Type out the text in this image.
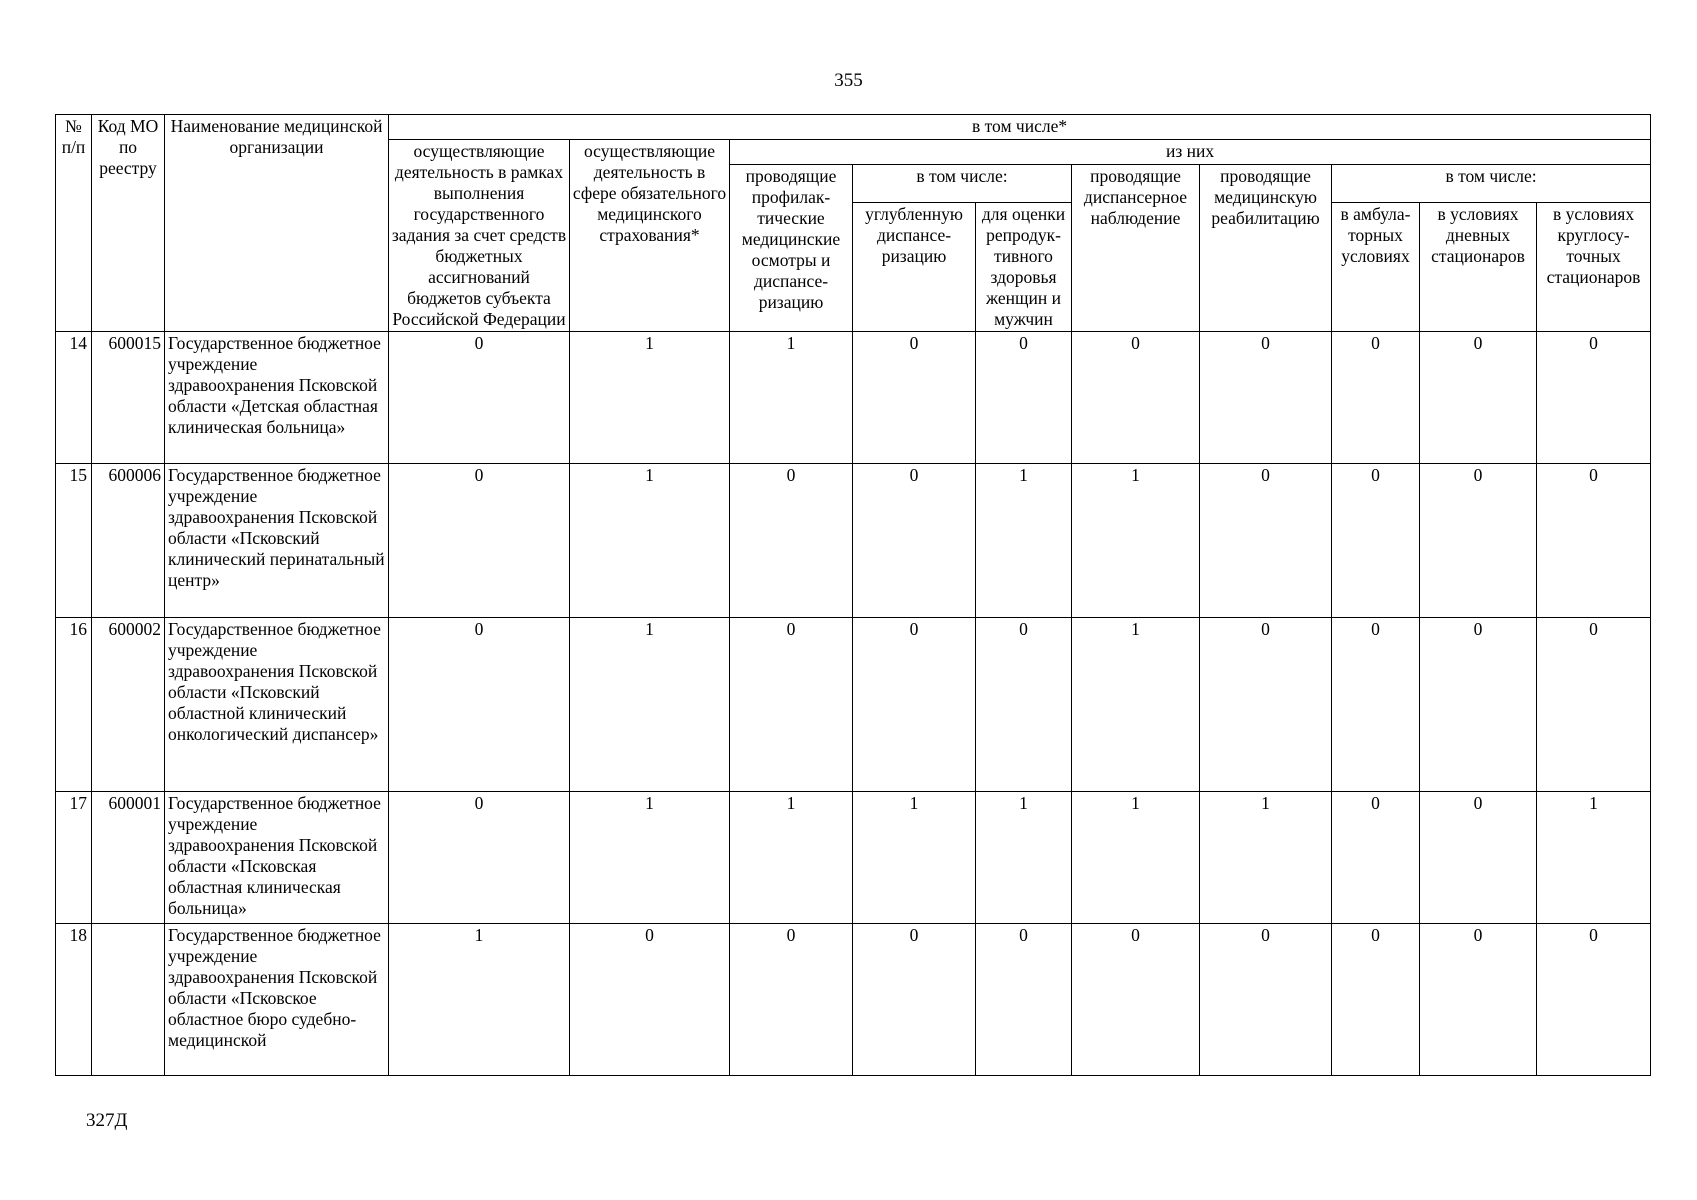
355
№ п/п	Код МО по реестру	Наименование медицинской организации	в том числе*									
			осуществляющие деятельность в рамках выполнения государственного задания за счет средств бюджетных ассигнований бюджетов субъекта Российской Федерации	осуществляющие деятельность в сфере обязательного медицинского страхования*	из них							
					проводящие профилак-тические медицинские осмотры и диспансе-ризацию	в том числе:		проводящие диспансерное наблюдение	проводящие медицинскую реабилитацию	в том числе:		
						углубленную диспансе-ризацию	для оценки репродук-тивного здоровья женщин и мужчин			в амбула-торных условиях	в условиях дневных стационаров	в условиях круглосу-точных стационаров
14	600015	Государственное бюджетное учреждение здравоохранения Псковской области «Детская областная клиническая больница»	0	1	1	0	0	0	0	0	0	0
15	600006	Государственное бюджетное учреждение здравоохранения Псковской области «Псковский клинический перинатальный центр»	0	1	0	0	1	1	0	0	0	0
16	600002	Государственное бюджетное учреждение здравоохранения Псковской области «Псковский областной клинический онкологический диспансер»	0	1	0	0	0	1	0	0	0	0
17	600001	Государственное бюджетное учреждение здравоохранения Псковской области «Псковская областная клиническая больница»	0	1	1	1	1	1	1	0	0	1
18		Государственное бюджетное учреждение здравоохранения Псковской области «Псковское областное бюро судебно-медицинской	1	0	0	0	0	0	0	0	0	0
327Д
